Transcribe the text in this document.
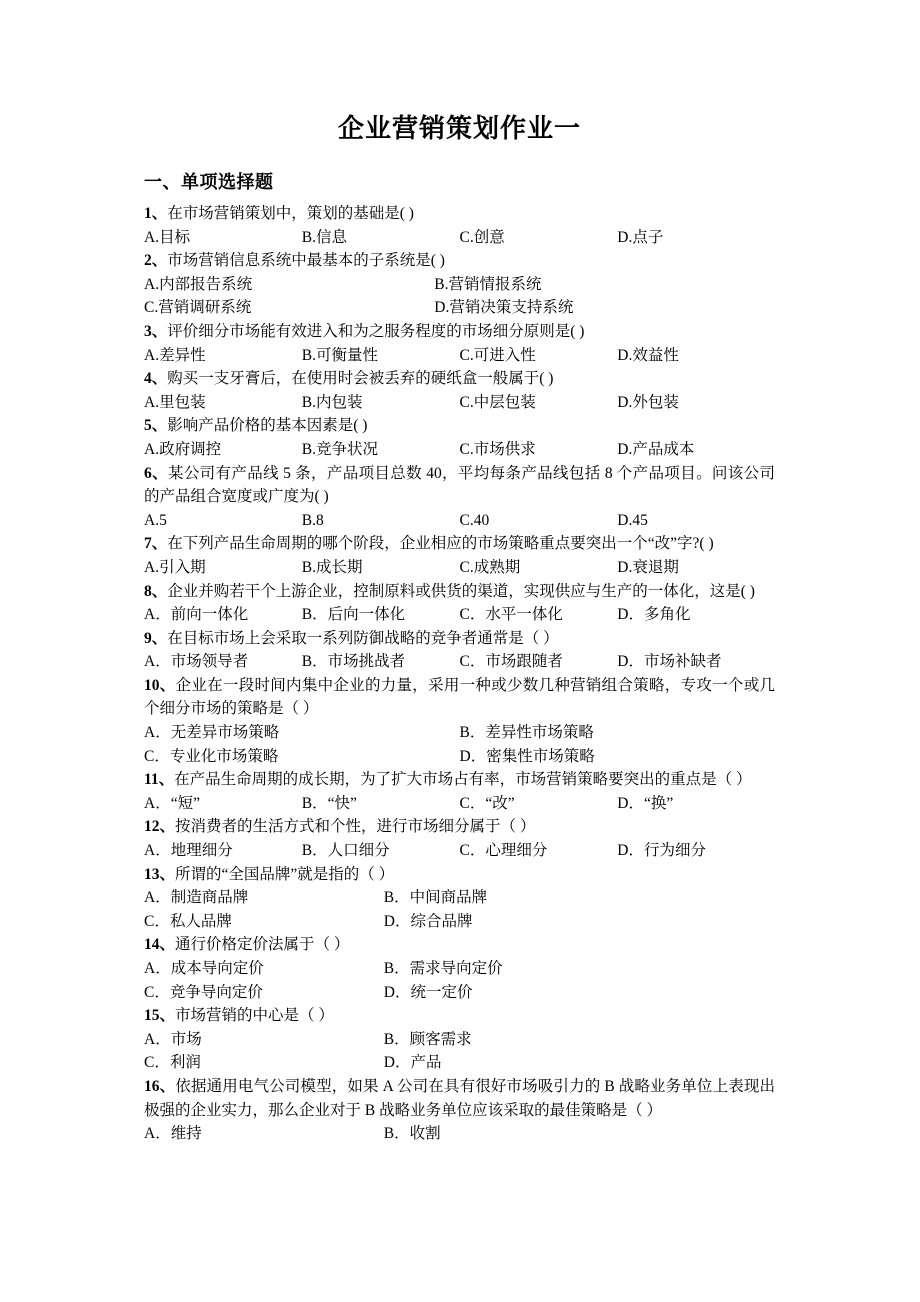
企业营销策划作业一
一、单项选择题

1、在市场营销策划中，策划的基础是( )

A.目标	B.信息	C.创意	D.点子

2、市场营销信息系统中最基本的子系统是( )

A.内部报告系统	B.营销情报系统
C.营销调研系统	D.营销决策支持系统

3、评价细分市场能有效进入和为之服务程度的市场细分原则是( )

A.差异性	B.可衡量性	C.可进入性	D.效益性

4、购买一支牙膏后，在使用时会被丢弃的硬纸盒一般属于( )

A.里包装	B.内包装	C.中层包装	D.外包装

5、影响产品价格的基本因素是( )

A.政府调控	B.竞争状况	C.市场供求	D.产品成本

6、某公司有产品线 5 条，产品项目总数 40，平均每条产品线包括 8 个产品项目。问该公司的产品组合宽度或广度为( )

A.5	B.8	C.40	D.45

7、在下列产品生命周期的哪个阶段，企业相应的市场策略重点要突出一个“改”字?( )

A.引入期	B.成长期	C.成熟期	D.衰退期

8、企业并购若干个上游企业，控制原料或供货的渠道，实现供应与生产的一体化，这是( )

A．前向一体化	B．后向一体化	C．水平一体化	D．多角化

9、在目标市场上会采取一系列防御战略的竞争者通常是（ ）

A．市场领导者	B．市场挑战者	C．市场跟随者	D．市场补缺者

10、企业在一段时间内集中企业的力量，采用一种或少数几种营销组合策略，专攻一个或几个细分市场的策略是（ ）

A．无差异市场策略	B．差异性市场策略
C．专业化市场策略	D．密集性市场策略

11、在产品生命周期的成长期，为了扩大市场占有率，市场营销策略要突出的重点是（ ）

A．“短”	B．“快”	C．“改”	D．“换”

12、按消费者的生活方式和个性，进行市场细分属于（ ）

A．地理细分	B．人口细分	C．心理细分	D．行为细分

13、所谓的“全国品牌”就是指的（ ）

A．制造商品牌	B．中间商品牌
C．私人品牌	D．综合品牌

14、通行价格定价法属于（ ）

A．成本导向定价	B．需求导向定价
C．竞争导向定价	D．统一定价

15、市场营销的中心是（ ）

A．市场	B．顾客需求
C．利润	D．产品

16、依据通用电气公司模型，如果 A 公司在具有很好市场吸引力的 B 战略业务单位上表现出极强的企业实力，那么企业对于 B 战略业务单位应该采取的最佳策略是（ ）

A．维持	B．收割
